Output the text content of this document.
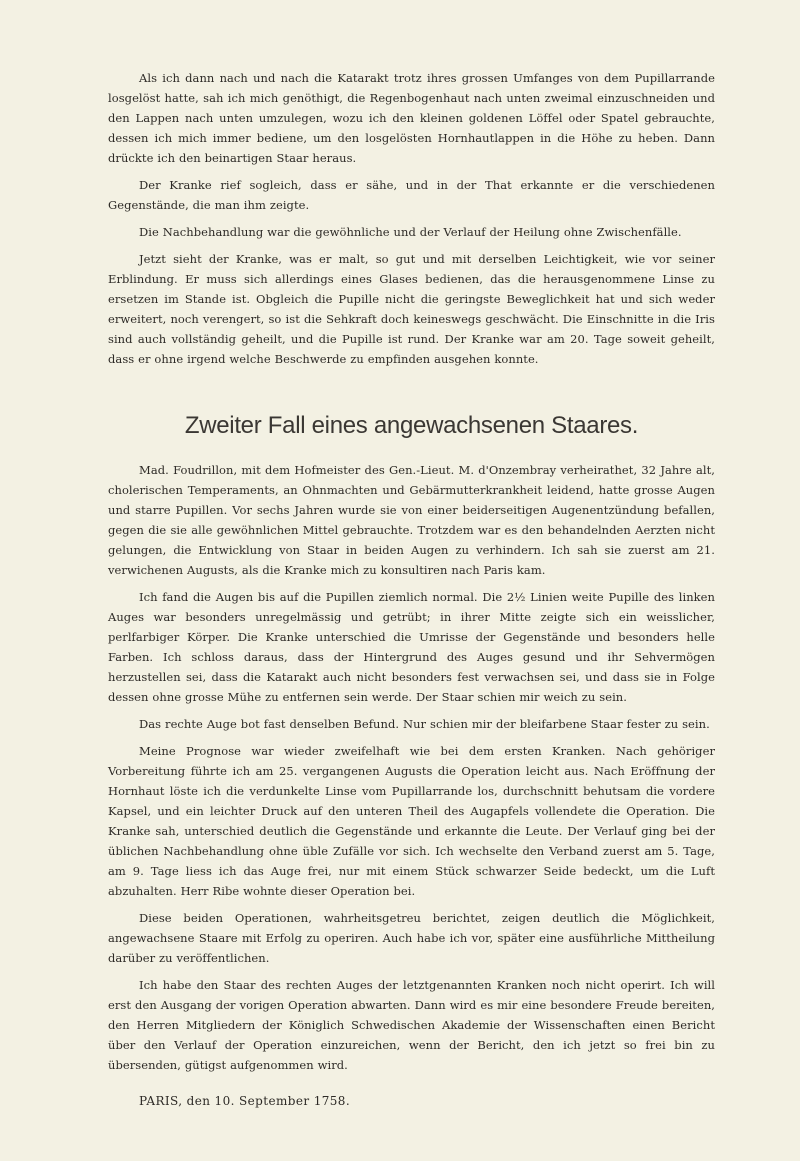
Als ich dann nach und nach die Katarakt trotz ihres grossen Umfanges von dem Pupillarrande losgelöst hatte, sah ich mich genöthigt, die Regenbogenhaut nach unten zweimal einzuschneiden und den Lappen nach unten umzulegen, wozu ich den kleinen goldenen Löffel oder Spatel gebrauchte, dessen ich mich immer bediene, um den losgelösten Hornhautlappen in die Höhe zu heben. Dann drückte ich den beinartigen Staar heraus.

Der Kranke rief sogleich, dass er sähe, und in der That erkannte er die verschiedenen Gegenstände, die man ihm zeigte.

Die Nachbehandlung war die gewöhnliche und der Verlauf der Heilung ohne Zwischenfälle.

Jetzt sieht der Kranke, was er malt, so gut und mit derselben Leichtigkeit, wie vor seiner Erblindung. Er muss sich allerdings eines Glases bedienen, das die herausgenommene Linse zu ersetzen im Stande ist. Obgleich die Pupille nicht die geringste Beweglichkeit hat und sich weder erweitert, noch verengert, so ist die Sehkraft doch keineswegs geschwächt. Die Einschnitte in die Iris sind auch vollständig geheilt, und die Pupille ist rund. Der Kranke war am 20. Tage soweit geheilt, dass er ohne irgend welche Beschwerde zu empfinden ausgehen konnte.

Zweiter Fall eines angewachsenen Staares.

Mad. Foudrillon, mit dem Hofmeister des Gen.-Lieut. M. d'Onzembray verheirathet, 32 Jahre alt, cholerischen Temperaments, an Ohnmachten und Gebärmutterkrankheit leidend, hatte grosse Augen und starre Pupillen. Vor sechs Jahren wurde sie von einer beiderseitigen Augenentzündung befallen, gegen die sie alle gewöhnlichen Mittel gebrauchte. Trotzdem war es den behandelnden Aerzten nicht gelungen, die Entwicklung von Staar in beiden Augen zu verhindern. Ich sah sie zuerst am 21. verwichenen Augusts, als die Kranke mich zu konsultiren nach Paris kam.

Ich fand die Augen bis auf die Pupillen ziemlich normal. Die 2½ Linien weite Pupille des linken Auges war besonders unregelmässig und getrübt; in ihrer Mitte zeigte sich ein weisslicher, perlfarbiger Körper. Die Kranke unterschied die Umrisse der Gegenstände und besonders helle Farben. Ich schloss daraus, dass der Hintergrund des Auges gesund und ihr Sehvermögen herzustellen sei, dass die Katarakt auch nicht besonders fest verwachsen sei, und dass sie in Folge dessen ohne grosse Mühe zu entfernen sein werde. Der Staar schien mir weich zu sein.

Das rechte Auge bot fast denselben Befund. Nur schien mir der bleifarbene Staar fester zu sein.

Meine Prognose war wieder zweifelhaft wie bei dem ersten Kranken. Nach gehöriger Vorbereitung führte ich am 25. vergangenen Augusts die Operation leicht aus. Nach Eröffnung der Hornhaut löste ich die verdunkelte Linse vom Pupillarrande los, durchschnitt behutsam die vordere Kapsel, und ein leichter Druck auf den unteren Theil des Augapfels vollendete die Operation. Die Kranke sah, unterschied deutlich die Gegenstände und erkannte die Leute. Der Verlauf ging bei der üblichen Nachbehandlung ohne üble Zufälle vor sich. Ich wechselte den Verband zuerst am 5. Tage, am 9. Tage liess ich das Auge frei, nur mit einem Stück schwarzer Seide bedeckt, um die Luft abzuhalten. Herr Ribe wohnte dieser Operation bei.

Diese beiden Operationen, wahrheitsgetreu berichtet, zeigen deutlich die Möglichkeit, angewachsene Staare mit Erfolg zu operiren. Auch habe ich vor, später eine ausführliche Mittheilung darüber zu veröffentlichen.

Ich habe den Staar des rechten Auges der letztgenannten Kranken noch nicht operirt. Ich will erst den Ausgang der vorigen Operation abwarten. Dann wird es mir eine besondere Freude bereiten, den Herren Mitgliedern der Königlich Schwedischen Akademie der Wissenschaften einen Bericht über den Verlauf der Operation einzureichen, wenn der Bericht, den ich jetzt so frei bin zu übersenden, gütigst aufgenommen wird.

PARIS, den 10. September 1758.
